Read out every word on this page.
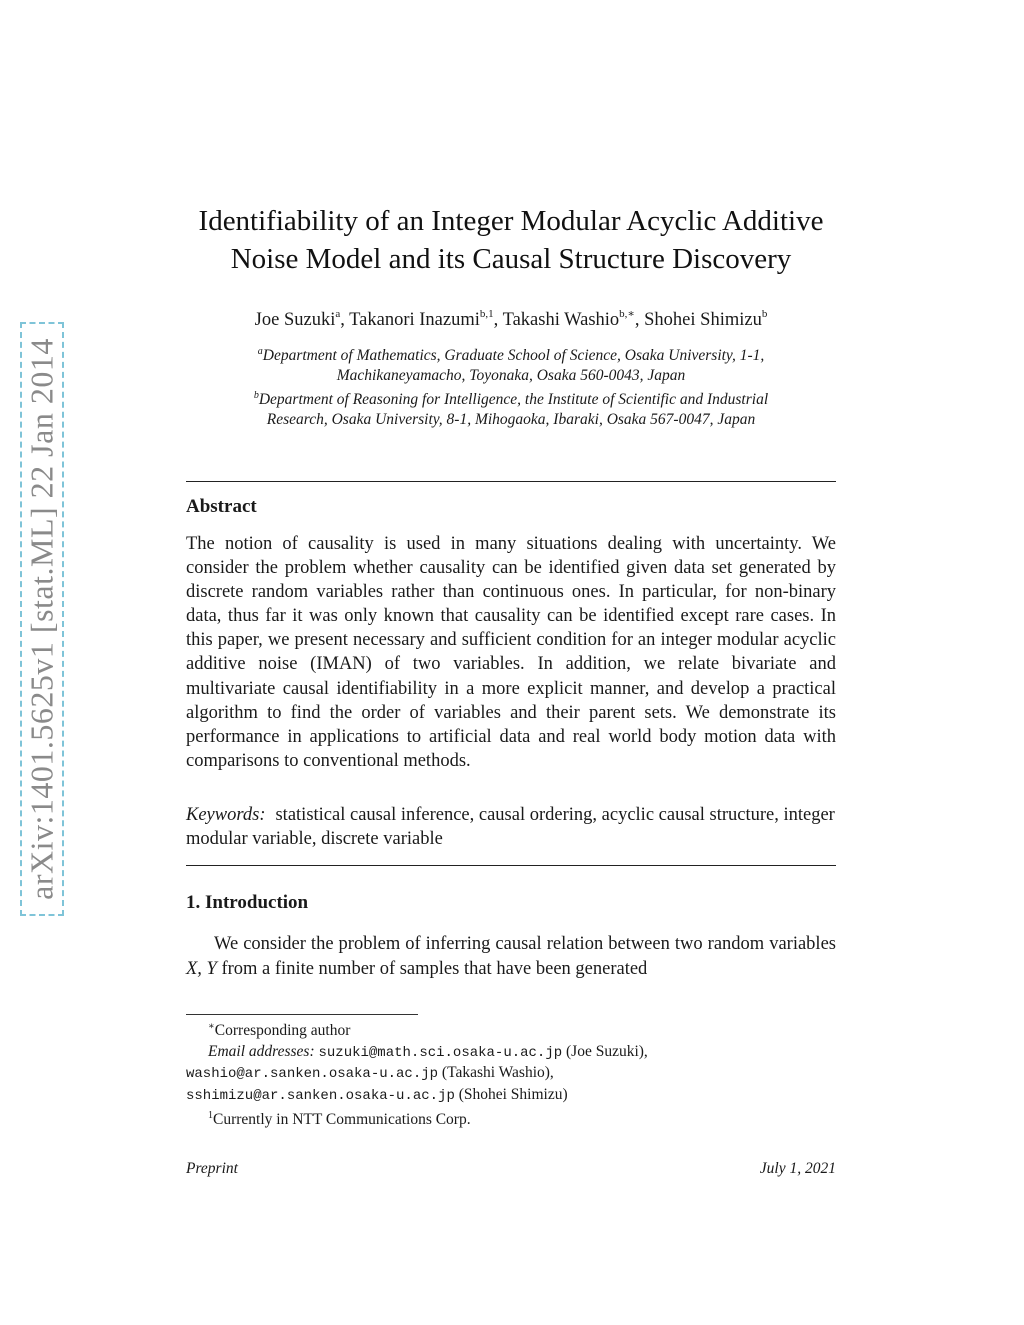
arXiv:1401.5625v1 [stat.ML] 22 Jan 2014
Identifiability of an Integer Modular Acyclic Additive
Noise Model and its Causal Structure Discovery
Joe Suzuki$^a$, Takanori Inazumi$^{b,1}$, Takashi Washio$^{b,∗}$, Shohei Shimizu$^b$
$^a$Department of Mathematics, Graduate School of Science, Osaka University, 1-1,
Machikaneyamacho, Toyonaka, Osaka 560-0043, Japan
$^b$Department of Reasoning for Intelligence, the Institute of Scientific and Industrial
Research, Osaka University, 8-1, Mihogaoka, Ibaraki, Osaka 567-0047, Japan
Abstract
The notion of causality is used in many situations dealing with uncertainty. We consider the problem whether causality can be identified given data set generated by discrete random variables rather than continuous ones. In particular, for non-binary data, thus far it was only known that causality can be identified except rare cases. In this paper, we present necessary and sufficient condition for an integer modular acyclic additive noise (IMAN) of two variables. In addition, we relate bivariate and multivariate causal identifiability in a more explicit manner, and develop a practical algorithm to find the order of variables and their parent sets. We demonstrate its performance in applications to artificial data and real world body motion data with comparisons to conventional methods.
Keywords: statistical causal inference, causal ordering, acyclic causal structure, integer modular variable, discrete variable
1. Introduction
We consider the problem of inferring causal relation between two random variables X, Y from a finite number of samples that have been generated
∗Corresponding author
Email addresses: suzuki@math.sci.osaka-u.ac.jp (Joe Suzuki),
washio@ar.sanken.osaka-u.ac.jp (Takashi Washio),
sshimizu@ar.sanken.osaka-u.ac.jp (Shohei Shimizu)
$^1$Currently in NTT Communications Corp.
Preprint	July 1, 2021
